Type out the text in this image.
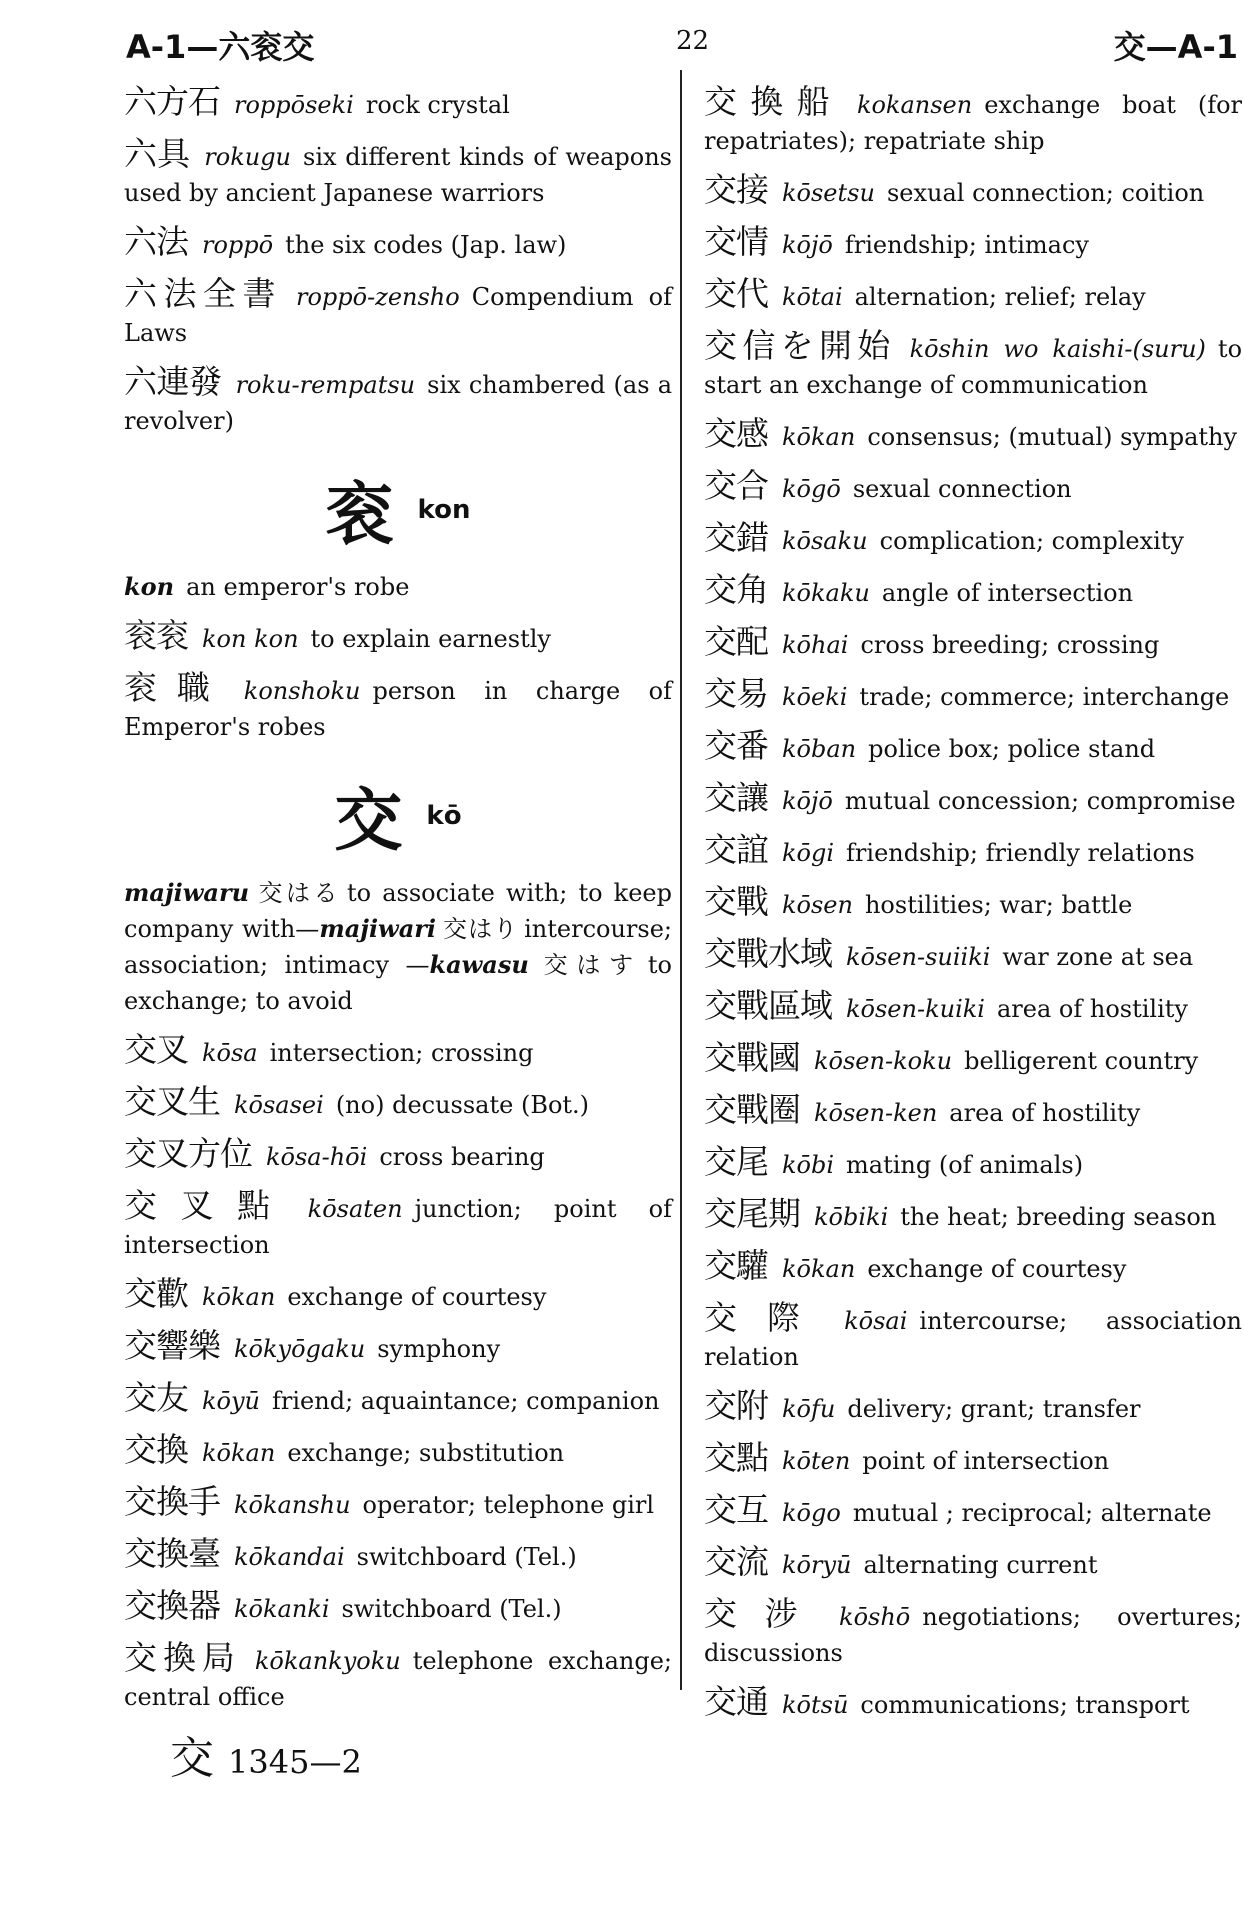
A-1—六衮交	22	交—A-1
六方石 roppōseki rock crystal
六具 rokugu six different kinds of weapons used by ancient Japanese warriors
六法 roppō the six codes (Jap. law)
六法全書 roppō-zensho Compendium of Laws
六連發 roku-rempatsu six chambered (as a revolver)
衮kon
kon an emperor's robe
衮衮 kon kon to explain earnestly
衮職 konshoku person in charge of Emperor's robes
交kō
majiwaru 交はる to associate with; to keep company with—majiwari 交はり intercourse; association; intimacy —kawasu 交はす to exchange; to avoid
交叉 kōsa intersection; crossing
交叉生 kōsasei (no) decussate (Bot.)
交叉方位 kōsa-hōi cross bearing
交叉點 kōsaten junction; point of intersection
交歡 kōkan exchange of courtesy
交響樂 kōkyōgaku symphony
交友 kōyū friend; aquaintance; companion
交換 kōkan exchange; substitution
交換手 kōkanshu operator; telephone girl
交換臺 kōkandai switchboard (Tel.)
交換器 kōkanki switchboard (Tel.)
交換局 kōkankyoku telephone exchange; central office
交換船 kokansen exchange boat (for repatriates); repatriate ship
交接 kōsetsu sexual connection; coition
交情 kōjō friendship; intimacy
交代 kōtai alternation; relief; relay
交信を開始 kōshin wo kaishi-(suru) to start an exchange of communication
交感 kōkan consensus; (mutual) sympathy
交合 kōgō sexual connection
交錯 kōsaku complication; complexity
交角 kōkaku angle of intersection
交配 kōhai cross breeding; crossing
交易 kōeki trade; commerce; interchange
交番 kōban police box; police stand
交讓 kōjō mutual concession; compromise
交誼 kōgi friendship; friendly relations
交戰 kōsen hostilities; war; battle
交戰水域 kōsen-suiiki war zone at sea
交戰區域 kōsen-kuiki area of hostility
交戰國 kōsen-koku belligerent country
交戰圈 kōsen-ken area of hostility
交尾 kōbi mating (of animals)
交尾期 kōbiki the heat; breeding season
交驩 kōkan exchange of courtesy
交際 kōsai intercourse; association relation
交附 kōfu delivery; grant; transfer
交點 kōten point of intersection
交互 kōgo mutual ; reciprocal; alternate
交流 kōryū alternating current
交涉 kōshō negotiations; overtures; discussions
交通 kōtsū communications; transport
交 1345—2
